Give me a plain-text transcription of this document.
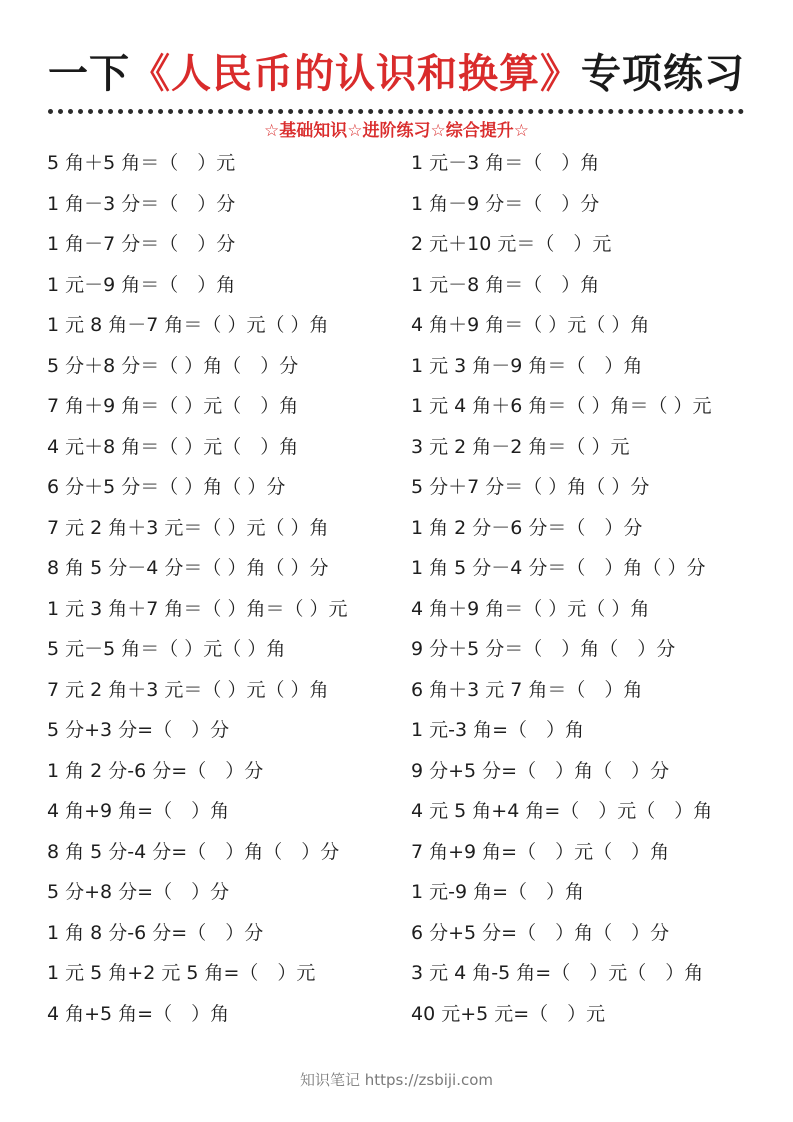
一下《人民币的认识和换算》专项练习
☆基础知识☆进阶练习☆综合提升☆
5 角＋5 角＝（　）元	1 元－3 角＝（　）角
1 角－3 分＝（　）分	1 角－9 分＝（　）分
1 角－7 分＝（　）分	2 元＋10 元＝（　）元
1 元－9 角＝（　）角	1 元－8 角＝（　）角
1 元 8 角－7 角＝（ ）元（ ）角	4 角＋9 角＝（ ）元（ ）角
5 分＋8 分＝（ ）角（　）分	1 元 3 角－9 角＝（　）角
7 角＋9 角＝（ ）元（　）角	1 元 4 角＋6 角＝（ ）角＝（ ）元
4 元＋8 角＝（ ）元（　）角	3 元 2 角－2 角＝（ ）元
6 分＋5 分＝（ ）角（ ）分	5 分＋7 分＝（ ）角（ ）分
7 元 2 角＋3 元＝（ ）元（ ）角	1 角 2 分－6 分＝（　）分
8 角 5 分－4 分＝（ ）角（ ）分	1 角 5 分－4 分＝（　）角（ ）分
1 元 3 角＋7 角＝（ ）角＝（ ）元	4 角＋9 角＝（ ）元（ ）角
5 元－5 角＝（ ）元（ ）角	9 分＋5 分＝（　）角（　）分
7 元 2 角＋3 元＝（ ）元（ ）角	6 角＋3 元 7 角＝（　）角
5 分+3 分=（　）分	1 元-3 角=（　）角
1 角 2 分-6 分=（　）分	9 分+5 分=（　）角（　）分
4 角+9 角=（　）角	4 元 5 角+4 角=（　）元（　）角
8 角 5 分-4 分=（　）角（　）分	7 角+9 角=（　）元（　）角
5 分+8 分=（　）分	1 元-9 角=（　）角
1 角 8 分-6 分=（　）分	6 分+5 分=（　）角（　）分
1 元 5 角+2 元 5 角=（　）元	3 元 4 角-5 角=（　）元（　）角
4 角+5 角=（　）角	40 元+5 元=（　）元
知识笔记 https://zsbiji.com
